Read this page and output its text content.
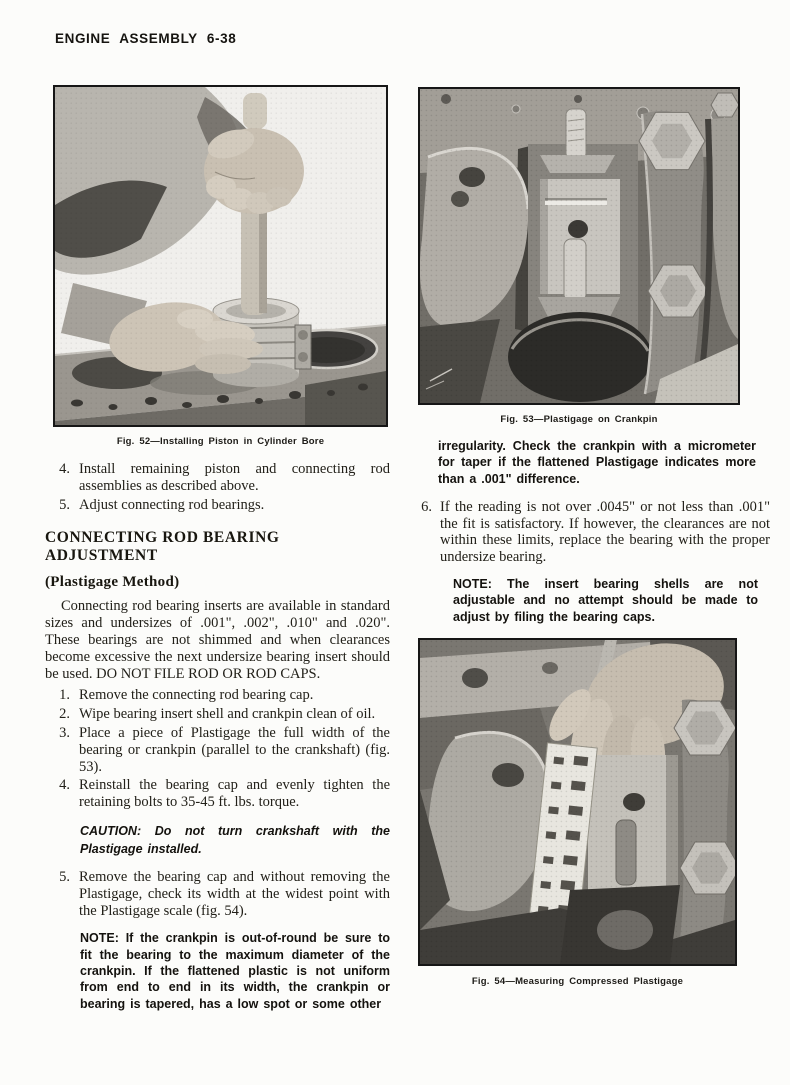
ENGINE ASSEMBLY 6-38
Fig. 52—Installing Piston in Cylinder Bore
4. Install remaining piston and connecting rod assemblies as described above.
5. Adjust connecting rod bearings.
CONNECTING ROD BEARING ADJUSTMENT
(Plastigage Method)

Connecting rod bearing inserts are available in standard sizes and undersizes of .001", .002", .010" and .020". These bearings are not shimmed and when clearances become excessive the next undersize bearing insert should be used. DO NOT FILE ROD OR ROD CAPS.

1. Remove the connecting rod bearing cap.
2. Wipe bearing insert shell and crankpin clean of oil.
3. Place a piece of Plastigage the full width of the bearing or crankpin (parallel to the crankshaft) (fig. 53).
4. Reinstall the bearing cap and evenly tighten the retaining bolts to 35-45 ft. lbs. torque.
CAUTION: Do not turn crankshaft with the Plastigage installed.
5. Remove the bearing cap and without removing the Plastigage, check its width at the widest point with the Plastigage scale (fig. 54).
NOTE: If the crankpin is out-of-round be sure to fit the bearing to the maximum diameter of the crankpin. If the flattened plastic is not uniform from end to end in its width, the crankpin or bearing is tapered, has a low spot or some other
Fig. 53—Plastigage on Crankpin
irregularity. Check the crankpin with a micrometer for taper if the flattened Plastigage indicates more than a .001" difference.
6. If the reading is not over .0045" or not less than .001" the fit is satisfactory. If however, the clearances are not within these limits, replace the bearing with the proper undersize bearing.
NOTE: The insert bearing shells are not adjustable and no attempt should be made to adjust by filing the bearing caps.
Fig. 54—Measuring Compressed Plastigage
